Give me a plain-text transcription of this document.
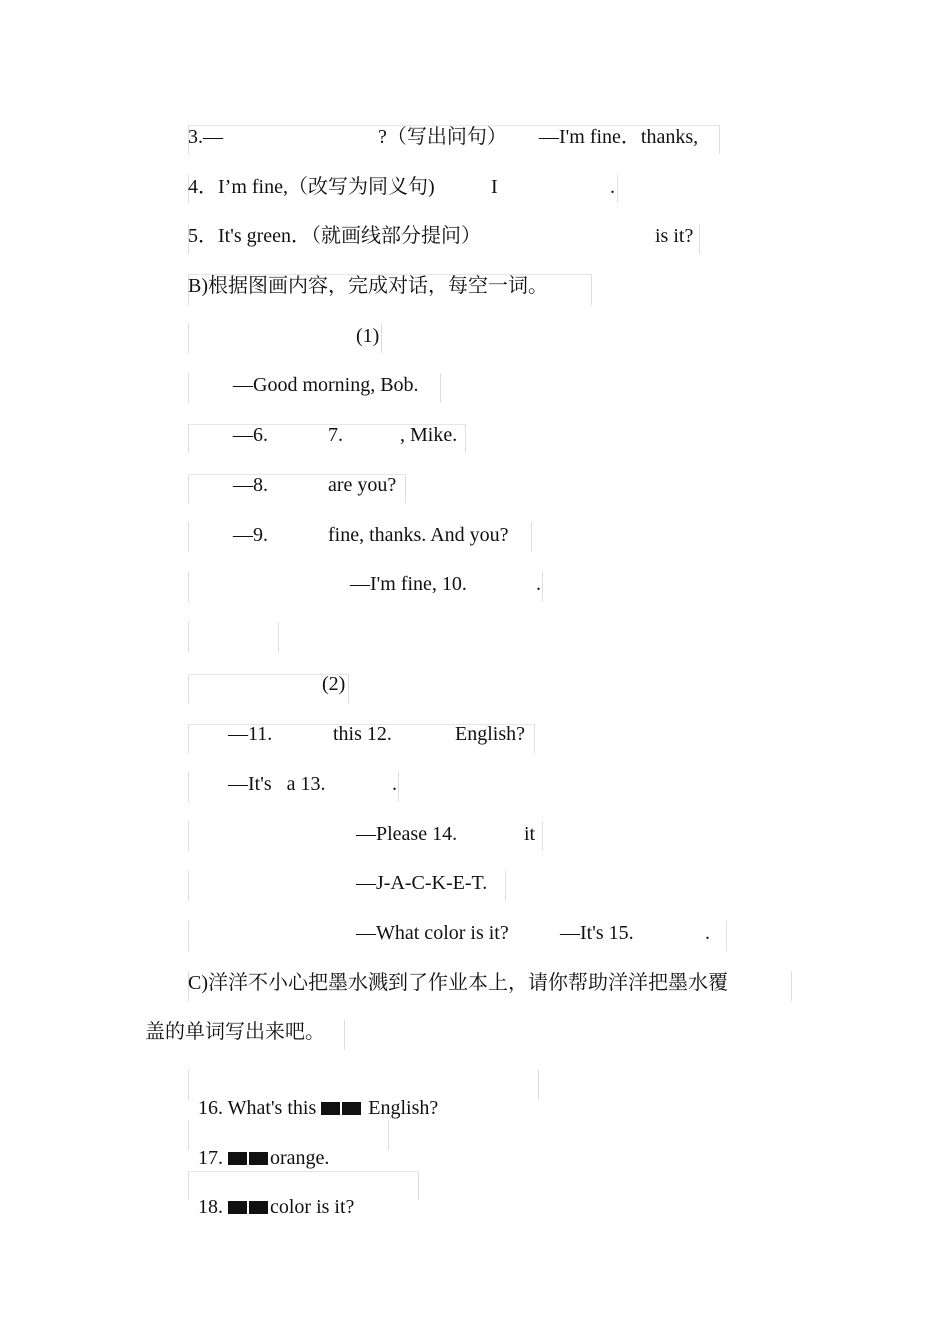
3.—	?（写出问句） —I'm fine．thanks,
4．I’m fine,（改写为同义句)	I	.
5．It's green．（就画线部分提问）	is it?
B)根据图画内容，完成对话，每空一词。
(1)
—Good morning, Bob.
—6.	7.	, Mike.
—8.	are you?
—9.	fine, thanks. And you?
—I'm fine, 10.	.
(2)
—11.	this 12.	English?
—It's   a 13.	.
—Please 14.	it
—J-A-C-K-E-T.
—What color is it?	—It's 15.	.
C)洋洋不小心把墨水溅到了作业本上，请你帮助洋洋把墨水覆
盖的单词写出来吧。

16. What's this	English?

17. orange.

18. color is it?
